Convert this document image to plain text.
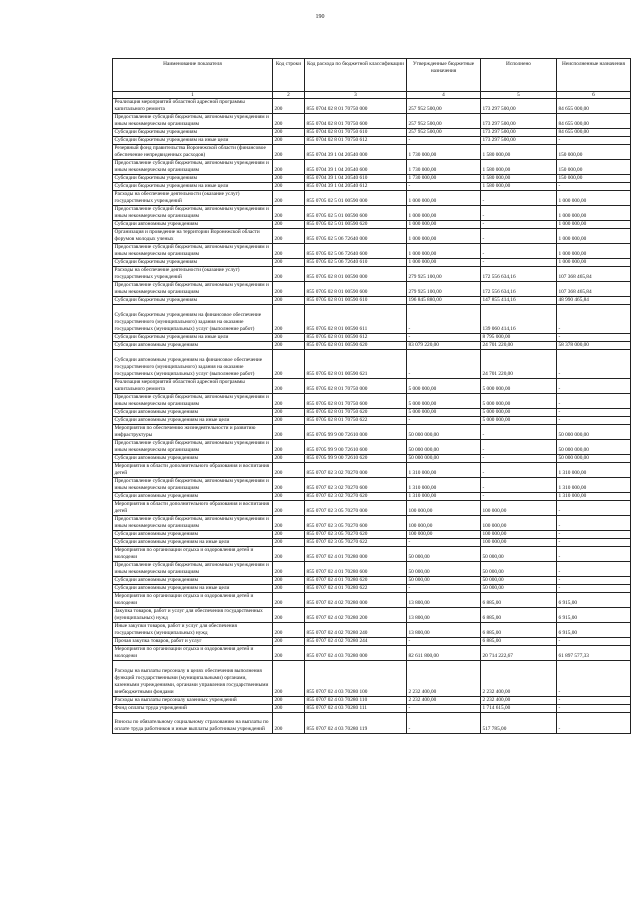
190
Наименование показателя	Код строки	Код расхода по бюджетной классификации	Утвержденные бюджетные назначения	Исполнено	Неисполненные назначения
1	2	3	4	5	6
Реализация мероприятий областной адресной программы капитального ремонта	200	855 0704 02 8 01 70750 000	257 952 500,00	173 297 500,00	84 655 000,00
Предоставление субсидий бюджетным, автономным учреждениям и иным некоммерческим организациям	200	855 0704 02 8 01 70750 600	257 952 500,00	173 297 500,00	84 655 000,00
Субсидии бюджетным учреждениям	200	855 0704 02 8 01 70750 610	257 952 500,00	173 297 500,00	84 655 000,00
Субсидии бюджетным учреждениям на иные цели	200	855 0704 02 8 01 70750 612	-	173 297 500,00	-
Резервный фонд правительства Воронежской области (финансовое обеспечение непредвиденных расходов)	200	855 0704 39 1 04 20540 000	1 730 000,00	1 580 000,00	150 000,00
Предоставление субсидий бюджетным, автономным учреждениям и иным некоммерческим организациям	200	855 0704 39 1 04 20540 600	1 730 000,00	1 580 000,00	150 000,00
Субсидии бюджетным учреждениям	200	855 0704 39 1 04 20540 610	1 730 000,00	1 580 000,00	150 000,00
Субсидии бюджетным учреждениям на иные цели	200	855 0704 39 1 04 20540 612	-	1 580 000,00	-
Расходы на обеспечение деятельности (оказание услуг) государственных учреждений	200	855 0705 02 5 01 00590 000	1 000 000,00	-	1 000 000,00
Предоставление субсидий бюджетным, автономным учреждениям и иным некоммерческим организациям	200	855 0705 02 5 01 00590 600	1 000 000,00	-	1 000 000,00
Субсидии автономным учреждениям	200	855 0705 02 5 01 00590 620	1 000 000,00	-	1 000 000,00
Организация и проведение на территории Воронежской области форумов молодых ученых	200	855 0705 02 5 06 72640 000	1 000 000,00	-	1 000 000,00
Предоставление субсидий бюджетным, автономным учреждениям и иным некоммерческим организациям	200	855 0705 02 5 06 72640 600	1 000 000,00	-	1 000 000,00
Субсидии бюджетным учреждениям	200	855 0705 02 5 06 72640 610	1 000 000,00	-	1 000 000,00
Расходы на обеспечение деятельности (оказание услуг) государственных учреждений	200	855 0705 02 8 01 00590 000	279 925 100,00	172 556 634,16	107 368 465,84
Предоставление субсидий бюджетным, автономным учреждениям и иным некоммерческим организациям	200	855 0705 02 8 01 00590 600	279 925 100,00	172 556 634,16	107 368 465,84
Субсидии бюджетным учреждениям	200	855 0705 02 8 01 00590 610	196 845 880,00	147 855 414,16	48 990 465,84
Субсидии бюджетным учреждениям на финансовое обеспечение государственного (муниципального) задания на оказание государственных (муниципальных) услуг (выполнение работ)	200	855 0705 02 8 01 00590 611	-	139 060 414,16	-
Субсидии бюджетным учреждениям на иные цели	200	855 0705 02 8 01 00590 612	-	8 795 000,00	-
Субсидии автономным учреждениям	200	855 0705 02 8 01 00590 620	83 079 220,00	24 701 220,00	58 378 000,00
Субсидии автономным учреждениям на финансовое обеспечение государственного (муниципального) задания на оказание государственных (муниципальных) услуг (выполнение работ)	200	855 0705 02 8 01 00590 621	-	24 701 220,00	-
Реализация мероприятий областной адресной программы капитального ремонта	200	855 0705 02 8 01 70750 000	5 000 000,00	5 000 000,00	-
Предоставление субсидий бюджетным, автономным учреждениям и иным некоммерческим организациям	200	855 0705 02 8 01 70750 600	5 000 000,00	5 000 000,00	-
Субсидии автономным учреждениям	200	855 0705 02 8 01 70750 620	5 000 000,00	5 000 000,00	-
Субсидии автономным учреждениям на иные цели	200	855 0705 02 8 01 70750 622	-	5 000 000,00	-
Мероприятия по обеспечению жизнедеятельности и развитию инфраструктуры	200	855 0705 99 9 00 72610 000	50 000 000,00	-	50 000 000,00
Предоставление субсидий бюджетным, автономным учреждениям и иным некоммерческим организациям	200	855 0705 99 9 00 72610 600	50 000 000,00	-	50 000 000,00
Субсидии автономным учреждениям	200	855 0705 99 9 00 72610 620	50 000 000,00	-	50 000 000,00
Мероприятия в области дополнительного образования и воспитания детей	200	855 0707 02 3 02 70270 000	1 310 000,00	-	1 310 000,00
Предоставление субсидий бюджетным, автономным учреждениям и иным некоммерческим организациям	200	855 0707 02 3 02 70270 600	1 310 000,00	-	1 310 000,00
Субсидии автономным учреждениям	200	855 0707 02 3 02 70270 620	1 310 000,00	-	1 310 000,00
Мероприятия в области дополнительного образования и воспитания детей	200	855 0707 02 3 05 70270 000	100 000,00	100 000,00	-
Предоставление субсидий бюджетным, автономным учреждениям и иным некоммерческим организациям	200	855 0707 02 3 05 70270 600	100 000,00	100 000,00	-
Субсидии автономным учреждениям	200	855 0707 02 3 05 70270 620	100 000,00	100 000,00	-
Субсидии автономным учреждениям на иные цели	200	855 0707 02 3 05 70270 622	-	100 000,00	-
Мероприятия по организации отдыха и оздоровления детей и молодежи	200	855 0707 02 4 01 70280 000	50 000,00	50 000,00	-
Предоставление субсидий бюджетным, автономным учреждениям и иным некоммерческим организациям	200	855 0707 02 4 01 70280 600	50 000,00	50 000,00	-
Субсидии автономным учреждениям	200	855 0707 02 4 01 70280 620	50 000,00	50 000,00	-
Субсидии автономным учреждениям на иные цели	200	855 0707 02 4 01 70280 622	-	50 000,00	-
Мероприятия по организации отдыха и оздоровления детей и молодежи	200	855 0707 02 4 02 70280 000	13 800,00	6 885,00	6 915,00
Закупка товаров, работ и услуг для обеспечения государственных (муниципальных) нужд	200	855 0707 02 4 02 70280 200	13 800,00	6 885,00	6 915,00
Иные закупки товаров, работ и услуг для обеспечения государственных (муниципальных) нужд	200	855 0707 02 4 02 70280 240	13 800,00	6 885,00	6 915,00
Прочая закупка товаров, работ и услуг	200	855 0707 02 4 02 70280 244	-	6 885,00	-
Мероприятия по организации отдыха и оздоровления детей и молодежи	200	855 0707 02 4 03 70280 000	82 611 800,00	20 714 222,67	61 897 577,33
Расходы на выплаты персоналу в целях обеспечения выполнения функций государственными (муниципальными) органами, казенными учреждениями, органами управления государственными внебюджетными фондами	200	855 0707 02 4 03 70280 100	2 232 400,00	2 232 400,00	-
Расходы на выплаты персоналу казенных учреждений	200	855 0707 02 4 03 70280 110	2 232 400,00	2 232 400,00	-
Фонд оплаты труда учреждений	200	855 0707 02 4 03 70280 111	-	1 714 615,00	-
Взносы по обязательному социальному страхованию на выплаты по оплате труда работников и иные выплаты работникам учреждений	200	855 0707 02 4 03 70280 119	-	517 785,00	-
